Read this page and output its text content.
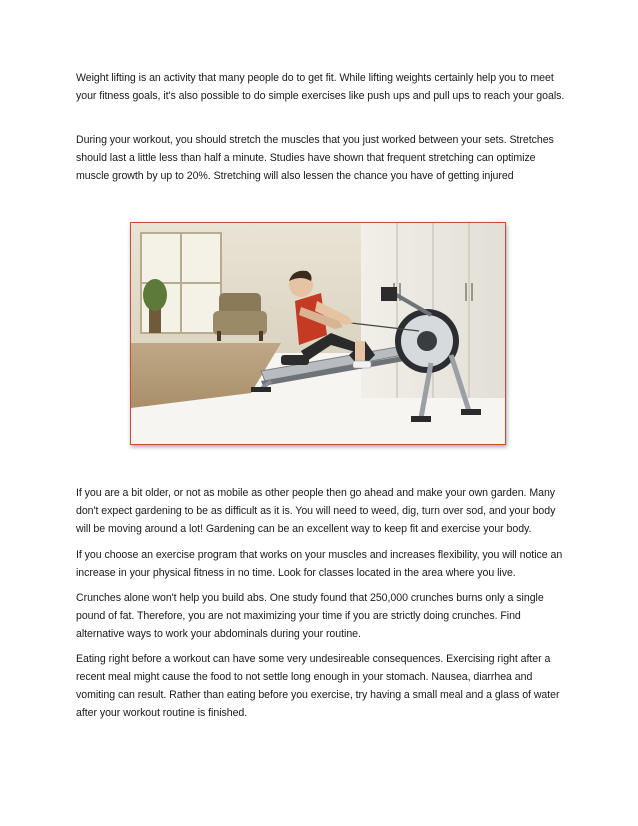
Weight lifting is an activity that many people do to get fit. While lifting weights certainly help you to meet your fitness goals, it's also possible to do simple exercises like push ups and pull ups to reach your goals.

During your workout, you should stretch the muscles that you just worked between your sets. Stretches should last a little less than half a minute. Studies have shown that frequent stretching can optimize muscle growth by up to 20%. Stretching will also lessen the chance you have of getting injured

If you are a bit older, or not as mobile as other people then go ahead and make your own garden. Many don't expect gardening to be as difficult as it is. You will need to weed, dig, turn over sod, and your body will be moving around a lot! Gardening can be an excellent way to keep fit and exercise your body.

If you choose an exercise program that works on your muscles and increases flexibility, you will notice an increase in your physical fitness in no time. Look for classes located in the area where you live.

Crunches alone won't help you build abs. One study found that 250,000 crunches burns only a single pound of fat. Therefore, you are not maximizing your time if you are strictly doing crunches. Find alternative ways to work your abdominals during your routine.

Eating right before a workout can have some very undesireable consequences. Exercising right after a recent meal might cause the food to not settle long enough in your stomach. Nausea, diarrhea and vomiting can result. Rather than eating before you exercise, try having a small meal and a glass of water after your workout routine is finished.
